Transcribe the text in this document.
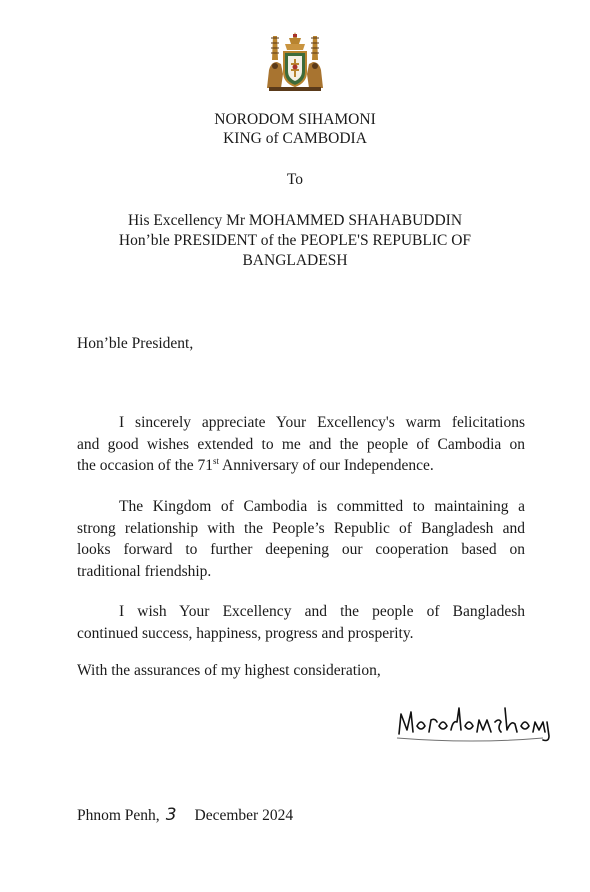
NORODOM SIHAMONI
KING of CAMBODIA
To
His Excellency Mr MOHAMMED SHAHABUDDIN
Hon’ble PRESIDENT of the PEOPLE'S REPUBLIC OF
BANGLADESH
Hon’ble President,
I sincerely appreciate Your Excellency's warm felicitations
and good wishes extended to me and the people of Cambodia on
the occasion of the 71st Anniversary of our Independence.
The Kingdom of Cambodia is committed to maintaining a
strong relationship with the People’s Republic of Bangladesh and
looks forward to further deepening our cooperation based on
traditional friendship.
I wish Your Excellency and the people of Bangladesh
continued success, happiness, progress and prosperity.
With the assurances of my highest consideration,
Phnom Penh, 3 December 2024
